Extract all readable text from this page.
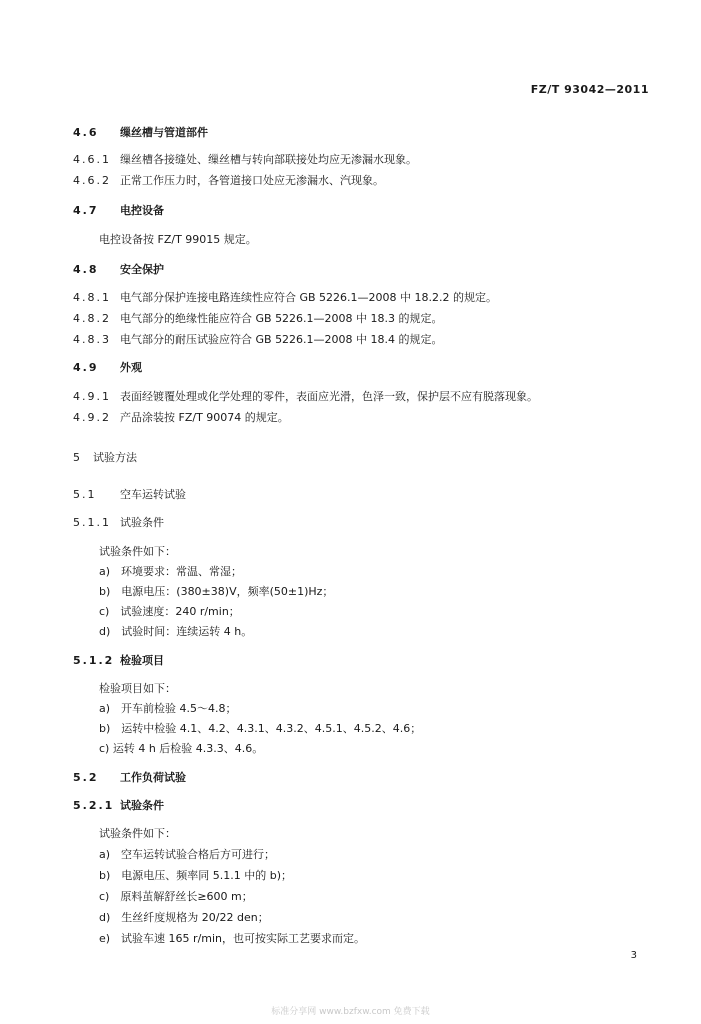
FZ/T 93042—2011
4.6 缫丝槽与管道部件
4.6.1 缫丝槽各接缝处、缫丝槽与转向部联接处均应无渗漏水现象。
4.6.2 正常工作压力时，各管道接口处应无渗漏水、汽现象。
4.7 电控设备
电控设备按 FZ/T 99015 规定。
4.8 安全保护
4.8.1 电气部分保护连接电路连续性应符合 GB 5226.1—2008 中 18.2.2 的规定。
4.8.2 电气部分的绝缘性能应符合 GB 5226.1—2008 中 18.3 的规定。
4.8.3 电气部分的耐压试验应符合 GB 5226.1—2008 中 18.4 的规定。
4.9 外观
4.9.1 表面经镀覆处理或化学处理的零件，表面应光滑，色泽一致，保护层不应有脱落现象。
4.9.2 产品涂装按 FZ/T 90074 的规定。
5 试验方法
5.1 空车运转试验
5.1.1 试验条件
试验条件如下：
a)　环境要求：常温、常湿；
b)　电源电压：(380±38)V，频率(50±1)Hz；
c)　试验速度：240 r/min；
d)　试验时间：连续运转 4 h。
5.1.2 检验项目
检验项目如下：
a)　开车前检验 4.5～4.8；
b)　运转中检验 4.1、4.2、4.3.1、4.3.2、4.5.1、4.5.2、4.6；
c) 运转 4 h 后检验 4.3.3、4.6。
5.2 工作负荷试验
5.2.1 试验条件
试验条件如下：
a)　空车运转试验合格后方可进行；
b)　电源电压、频率同 5.1.1 中的 b)；
c)　原料茧解舒丝长≥600 m；
d)　生丝纤度规格为 20/22 den；
e)　试验车速 165 r/min，也可按实际工艺要求而定。
3
标准分享网 www.bzfxw.com 免费下载
